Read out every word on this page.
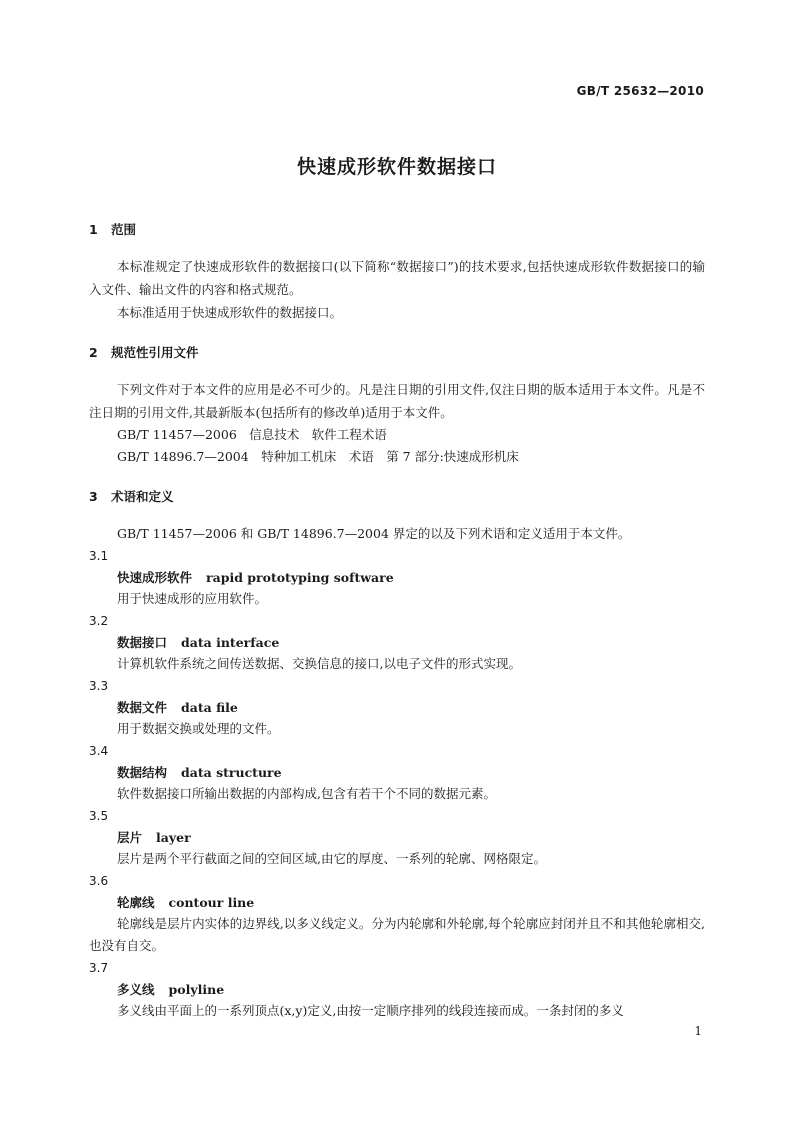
GB/T 25632—2010
快速成形软件数据接口
1 范围

本标准规定了快速成形软件的数据接口(以下简称“数据接口”)的技术要求,包括快速成形软件数据接口的输入文件、输出文件的内容和格式规范。

本标准适用于快速成形软件的数据接口。

2 规范性引用文件

下列文件对于本文件的应用是必不可少的。凡是注日期的引用文件,仅注日期的版本适用于本文件。凡是不注日期的引用文件,其最新版本(包括所有的修改单)适用于本文件。

GB/T 11457—2006　信息技术　软件工程术语

GB/T 14896.7—2004　特种加工机床　术语　第 7 部分:快速成形机床

3 术语和定义

GB/T 11457—2006 和 GB/T 14896.7—2004 界定的以及下列术语和定义适用于本文件。

3.1
快速成形软件 rapid prototyping software

用于快速成形的应用软件。

3.2
数据接口 data interface

计算机软件系统之间传送数据、交换信息的接口,以电子文件的形式实现。

3.3
数据文件 data file

用于数据交换或处理的文件。

3.4
数据结构 data structure

软件数据接口所输出数据的内部构成,包含有若干个不同的数据元素。

3.5
层片 layer

层片是两个平行截面之间的空间区域,由它的厚度、一系列的轮廓、网格限定。

3.6
轮廓线 contour line

轮廓线是层片内实体的边界线,以多义线定义。分为内轮廓和外轮廓,每个轮廓应封闭并且不和其他轮廓相交,也没有自交。

3.7
多义线 polyline

多义线由平面上的一系列顶点(x,y)定义,由按一定顺序排列的线段连接而成。一条封闭的多义

1
